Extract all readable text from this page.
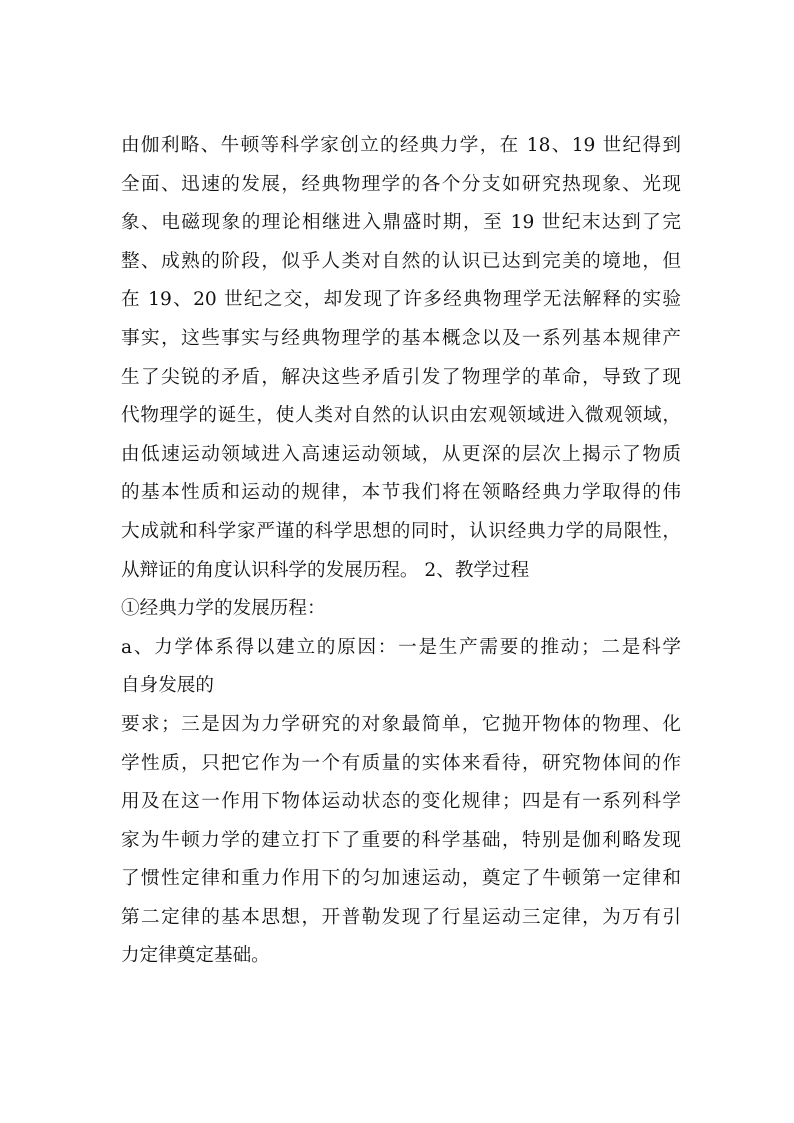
由伽利略、牛顿等科学家创立的经典力学，在 18、19 世纪得到
全面、迅速的发展，经典物理学的各个分支如研究热现象、光现
象、电磁现象的理论相继进入鼎盛时期，至 19 世纪末达到了完
整、成熟的阶段，似乎人类对自然的认识已达到完美的境地，但
在 19、20 世纪之交，却发现了许多经典物理学无法解释的实验
事实，这些事实与经典物理学的基本概念以及一系列基本规律产
生了尖锐的矛盾，解决这些矛盾引发了物理学的革命，导致了现
代物理学的诞生，使人类对自然的认识由宏观领域进入微观领域，
由低速运动领域进入高速运动领域，从更深的层次上揭示了物质
的基本性质和运动的规律，本节我们将在领略经典力学取得的伟
大成就和科学家严谨的科学思想的同时，认识经典力学的局限性，
从辩证的角度认识科学的发展历程。 2、教学过程
①经典力学的发展历程：
a、力学体系得以建立的原因：一是生产需要的推动；二是科学
自身发展的
要求；三是因为力学研究的对象最简单，它抛开物体的物理、化
学性质，只把它作为一个有质量的实体来看待，研究物体间的作
用及在这一作用下物体运动状态的变化规律；四是有一系列科学
家为牛顿力学的建立打下了重要的科学基础，特别是伽利略发现
了惯性定律和重力作用下的匀加速运动，奠定了牛顿第一定律和
第二定律的基本思想，开普勒发现了行星运动三定律，为万有引
力定律奠定基础。
